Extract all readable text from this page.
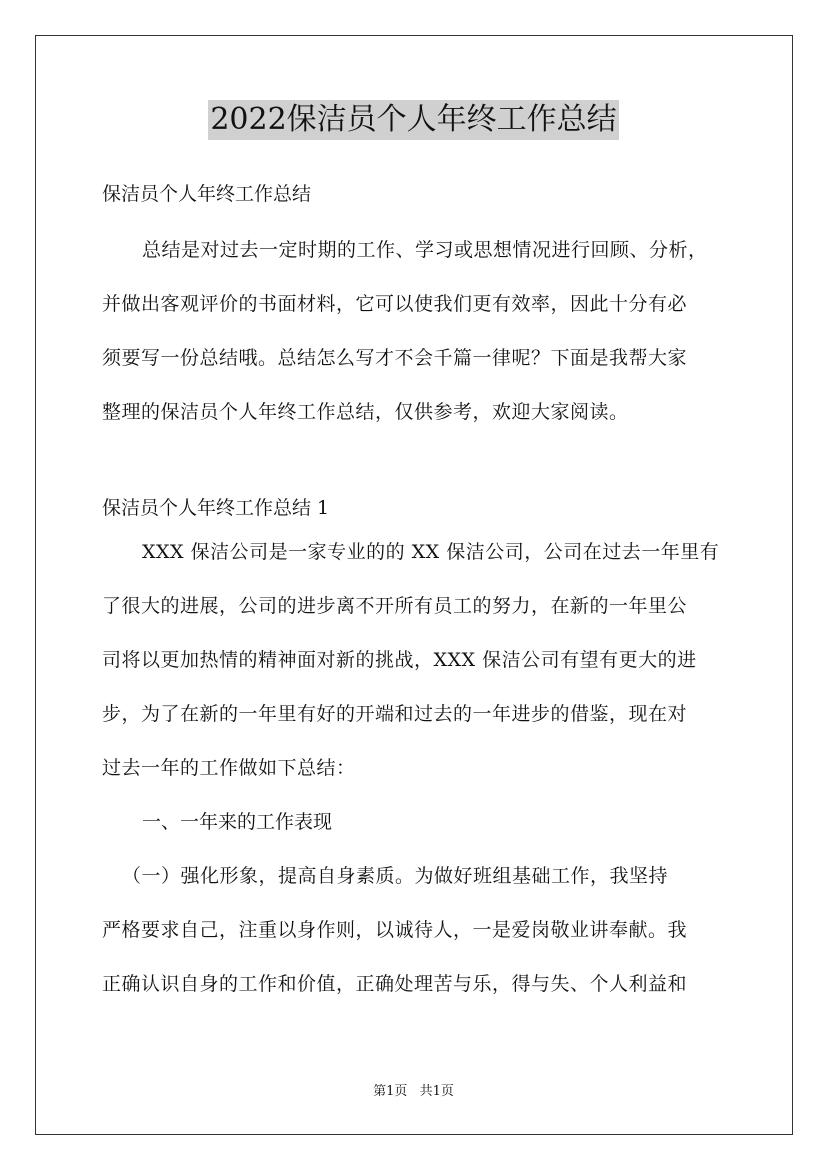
2022保洁员个人年终工作总结

保洁员个人年终工作总结

总结是对过去一定时期的工作、学习或思想情况进行回顾、分析，
并做出客观评价的书面材料，它可以使我们更有效率，因此十分有必
须要写一份总结哦。总结怎么写才不会千篇一律呢？下面是我帮大家
整理的保洁员个人年终工作总结，仅供参考，欢迎大家阅读。

保洁员个人年终工作总结 1

XXX 保洁公司是一家专业的的 XX 保洁公司，公司在过去一年里有
了很大的进展，公司的进步离不开所有员工的努力，在新的一年里公
司将以更加热情的精神面对新的挑战，XXX 保洁公司有望有更大的进
步，为了在新的一年里有好的开端和过去的一年进步的借鉴，现在对
过去一年的工作做如下总结：

一、一年来的工作表现

（一）强化形象，提高自身素质。为做好班组基础工作，我坚持
严格要求自己，注重以身作则，以诚待人，一是爱岗敬业讲奉献。我
正确认识自身的工作和价值，正确处理苦与乐，得与失、个人利益和
第1页 共1页
